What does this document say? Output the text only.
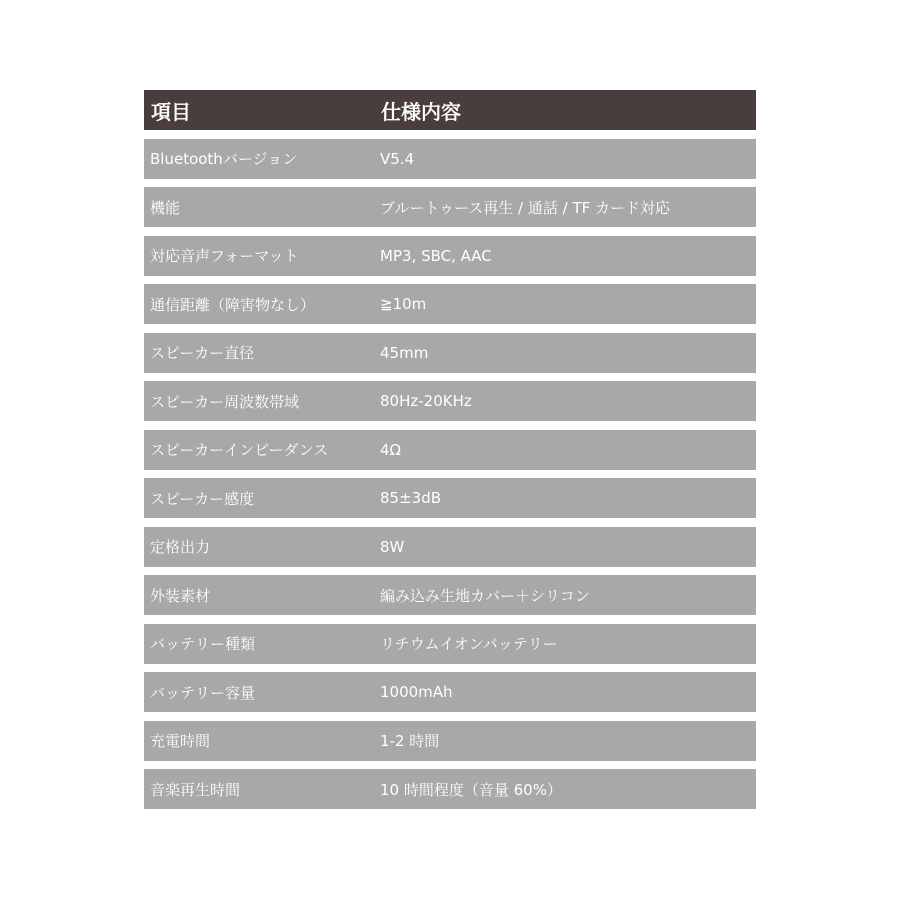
項目	仕様内容
Bluetoothバージョン	V5.4
機能	ブルートゥース再生 / 通話 / TF カード対応
対応音声フォーマット	MP3, SBC, AAC
通信距離（障害物なし）	≧10m
スピーカー直径	45mm
スピーカー周波数帯域	80Hz-20KHz
スピーカーインピーダンス	4Ω
スピーカー感度	85±3dB
定格出力	8W
外装素材	編み込み生地カバー＋シリコン
バッテリー種類	リチウムイオンバッテリー
バッテリー容量	1000mAh
充電時間	1-2 時間
音楽再生時間	10 時間程度（音量 60%）
